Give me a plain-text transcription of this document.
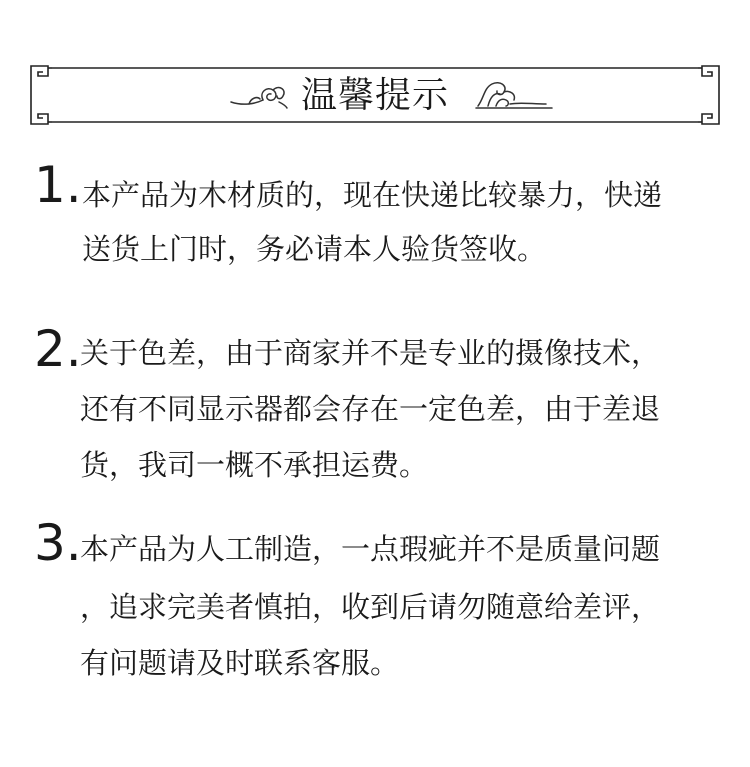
温馨提示
1. 本产品为木材质的，现在快递比较暴力，快递
送货上门时，务必请本人验货签收。
2.
关于色差，由于商家并不是专业的摄像技术，
还有不同显示器都会存在一定色差，由于差退
货，我司一概不承担运费。
3.
本产品为人工制造，一点瑕疵并不是质量问题
，追求完美者慎拍，收到后请勿随意给差评，
有问题请及时联系客服。
